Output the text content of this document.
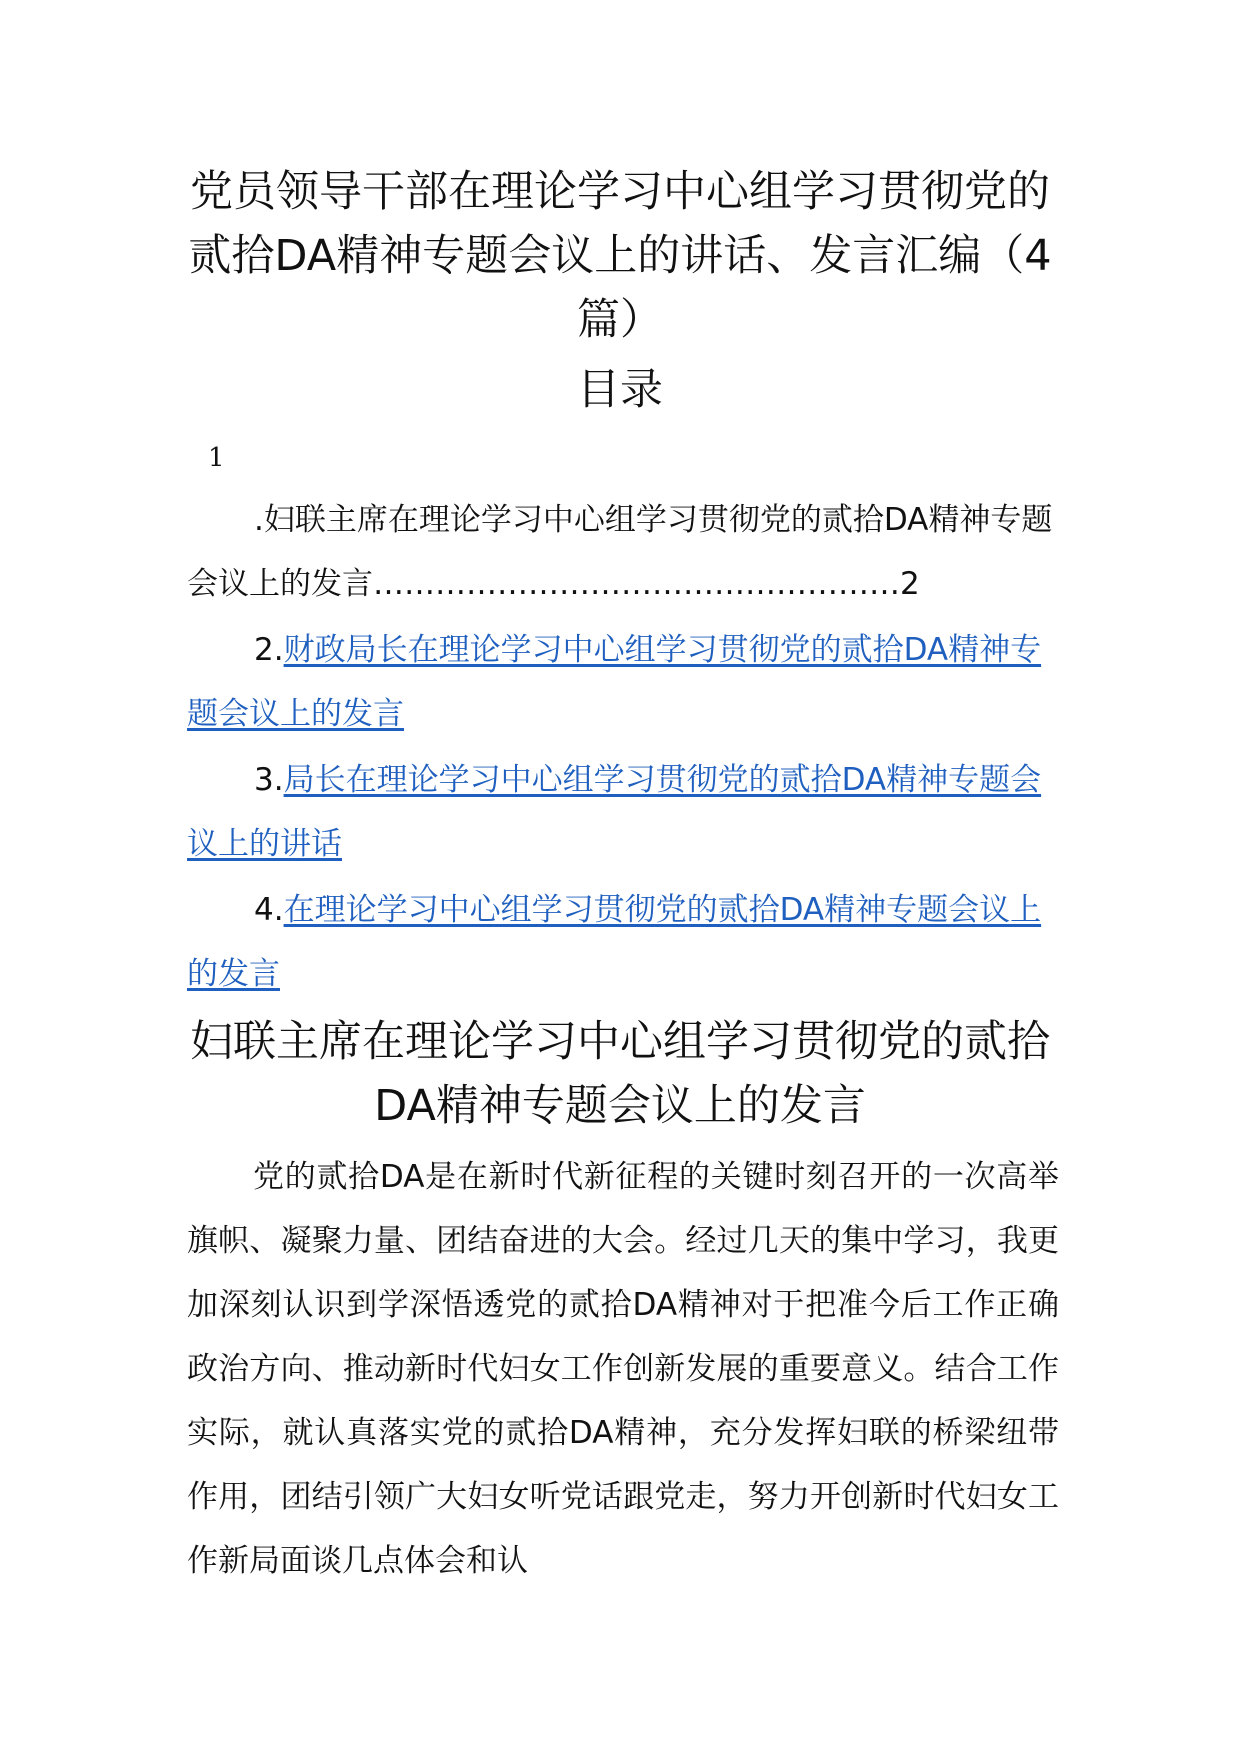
党员领导干部在理论学习中心组学习贯彻党的贰拾DA精神专题会议上的讲话、发言汇编（4篇）
目录
1
.妇联主席在理论学习中心组学习贯彻党的贰拾DA精神专题会议上的发言……………………………………………2
2.财政局长在理论学习中心组学习贯彻党的贰拾DA精神专题会议上的发言
3.局长在理论学习中心组学习贯彻党的贰拾DA精神专题会议上的讲话
4.在理论学习中心组学习贯彻党的贰拾DA精神专题会议上的发言
妇联主席在理论学习中心组学习贯彻党的贰拾DA精神专题会议上的发言

党的贰拾DA是在新时代新征程的关键时刻召开的一次高举旗帜、凝聚力量、团结奋进的大会。经过几天的集中学习，我更加深刻认识到学深悟透党的贰拾DA精神对于把准今后工作正确政治方向、推动新时代妇女工作创新发展的重要意义。结合工作实际，就认真落实党的贰拾DA精神，充分发挥妇联的桥梁纽带作用，团结引领广大妇女听党话跟党走，努力开创新时代妇女工作新局面谈几点体会和认
